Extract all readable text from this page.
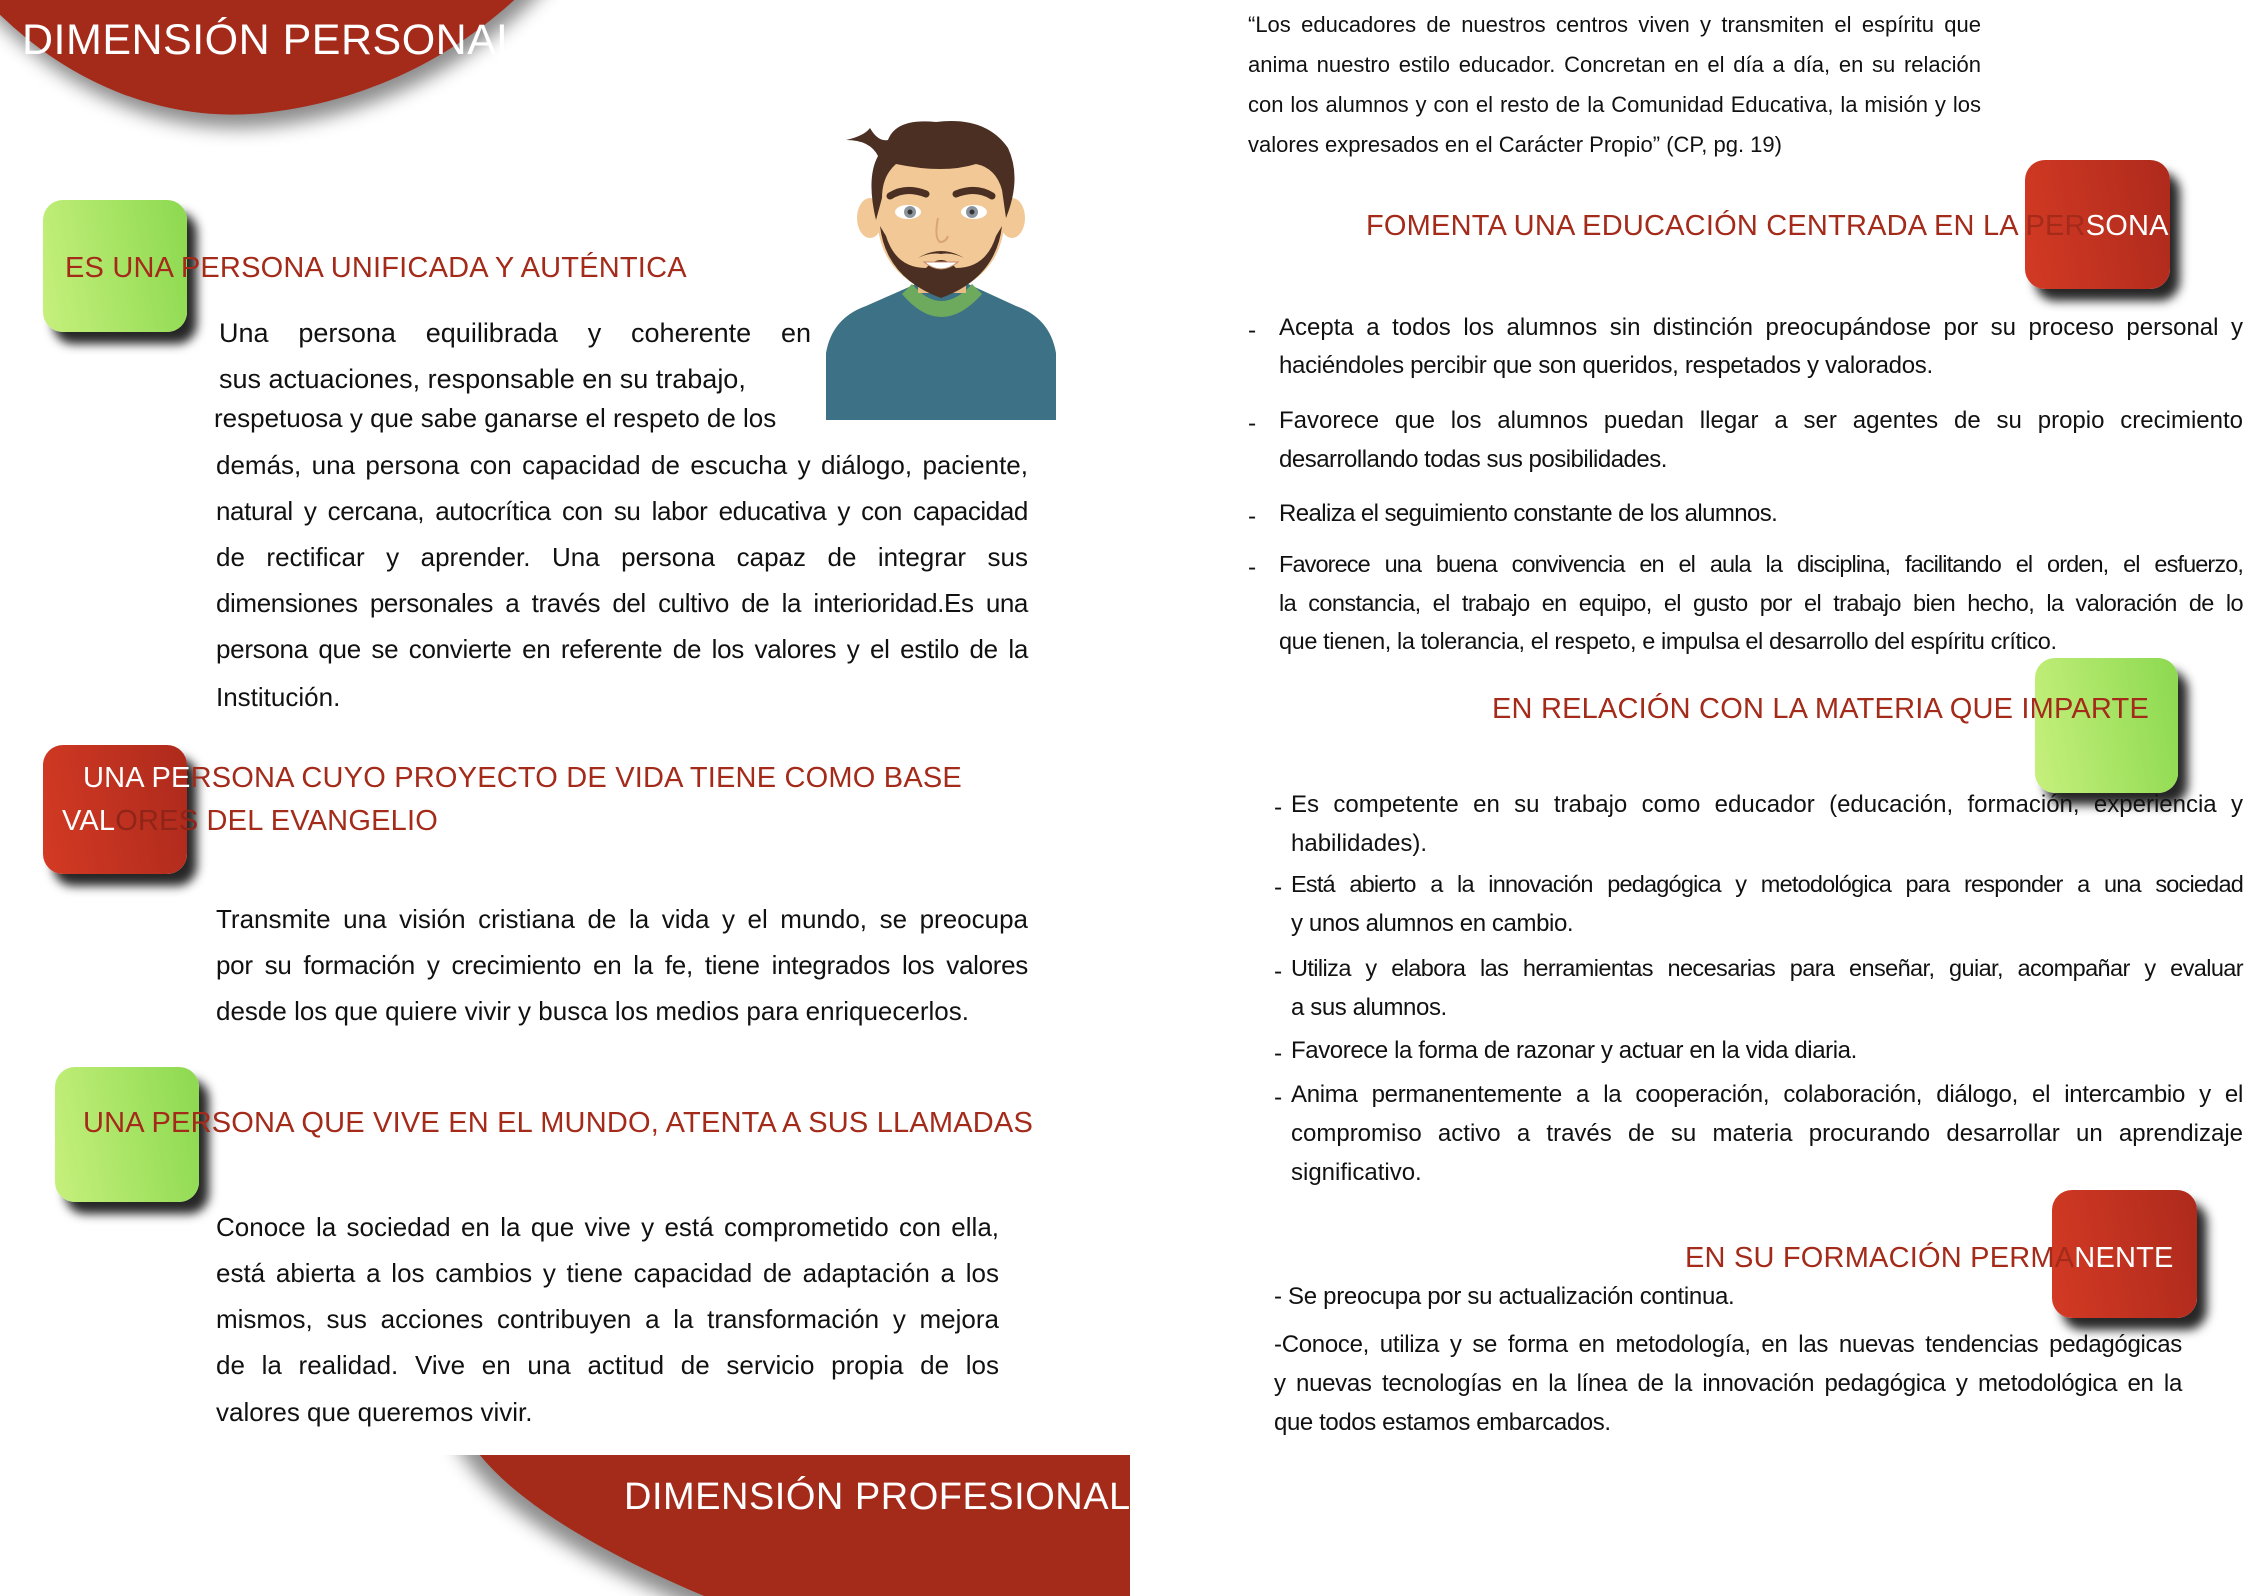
DIMENSIÓN PERSONAL
ES UNA PERSONA UNIFICADA Y AUTÉNTICA
Una persona equilibrada y coherente en
sus actuaciones, responsable en su trabajo,
respetuosa y que sabe ganarse el respeto de los
demás, una persona con capacidad de escucha y diálogo, paciente,
natural y cercana, autocrítica con su labor educativa y con capacidad
de rectificar y aprender. Una persona capaz de integrar sus
dimensiones personales a través del cultivo de la interioridad.Es una
persona que se convierte en referente de los valores y el estilo de la
Institución.
UNA PERSONA CUYO PROYECTO DE VIDA TIENE COMO BASE
VALORES DEL EVANGELIO
Transmite una visión cristiana de la vida y el mundo, se preocupa
por su formación y crecimiento en la fe, tiene integrados los valores
desde los que quiere vivir y busca los medios para enriquecerlos.
UNA PERSONA QUE VIVE EN EL MUNDO, ATENTA A SUS LLAMADAS
Conoce la sociedad en la que vive y está comprometido con ella,
está abierta a los cambios y tiene capacidad de adaptación a los
mismos, sus acciones contribuyen a la transformación y mejora
de la realidad. Vive en una actitud de servicio propia de los
valores que queremos vivir.
DIMENSIÓN PROFESIONAL
“Los educadores de nuestros centros viven y transmiten el espíritu que
anima nuestro estilo educador. Concretan en el día a día, en su relación
con los alumnos y con el resto de la Comunidad Educativa, la misión y los
valores expresados en el Carácter Propio” (CP, pg. 19)
FOMENTA UNA EDUCACIÓN CENTRADA EN LA PERSONA
- Acepta a todos los alumnos sin distinción preocupándose por su proceso personal y
haciéndoles percibir que son queridos, respetados y valorados.
- Favorece que los alumnos puedan llegar a ser agentes de su propio crecimiento
desarrollando todas sus posibilidades.
- Realiza el seguimiento constante de los alumnos.
- Favorece una buena convivencia en el aula la disciplina, facilitando el orden, el esfuerzo,
la constancia, el trabajo en equipo, el gusto por el trabajo bien hecho, la valoración de lo
que tienen, la tolerancia, el respeto, e impulsa el desarrollo del espíritu crítico.
EN RELACIÓN CON LA MATERIA QUE IMPARTE
- Es competente en su trabajo como educador (educación, formación, experiencia y
habilidades).
- Está abierto a la innovación pedagógica y metodológica para responder a una sociedad
y unos alumnos en cambio.
- Utiliza y elabora las herramientas necesarias para enseñar, guiar, acompañar y evaluar
a sus alumnos.
- Favorece la forma de razonar y actuar en la vida diaria.
- Anima permanentemente a la cooperación, colaboración, diálogo, el intercambio y el
compromiso activo a través de su materia procurando desarrollar un aprendizaje
significativo.
EN SU FORMACIÓN PERMANENTE
- Se preocupa por su actualización continua.
-Conoce, utiliza y se forma en metodología, en las nuevas tendencias pedagógicas
y nuevas tecnologías en la línea de la innovación pedagógica y metodológica en la
que todos estamos embarcados.
